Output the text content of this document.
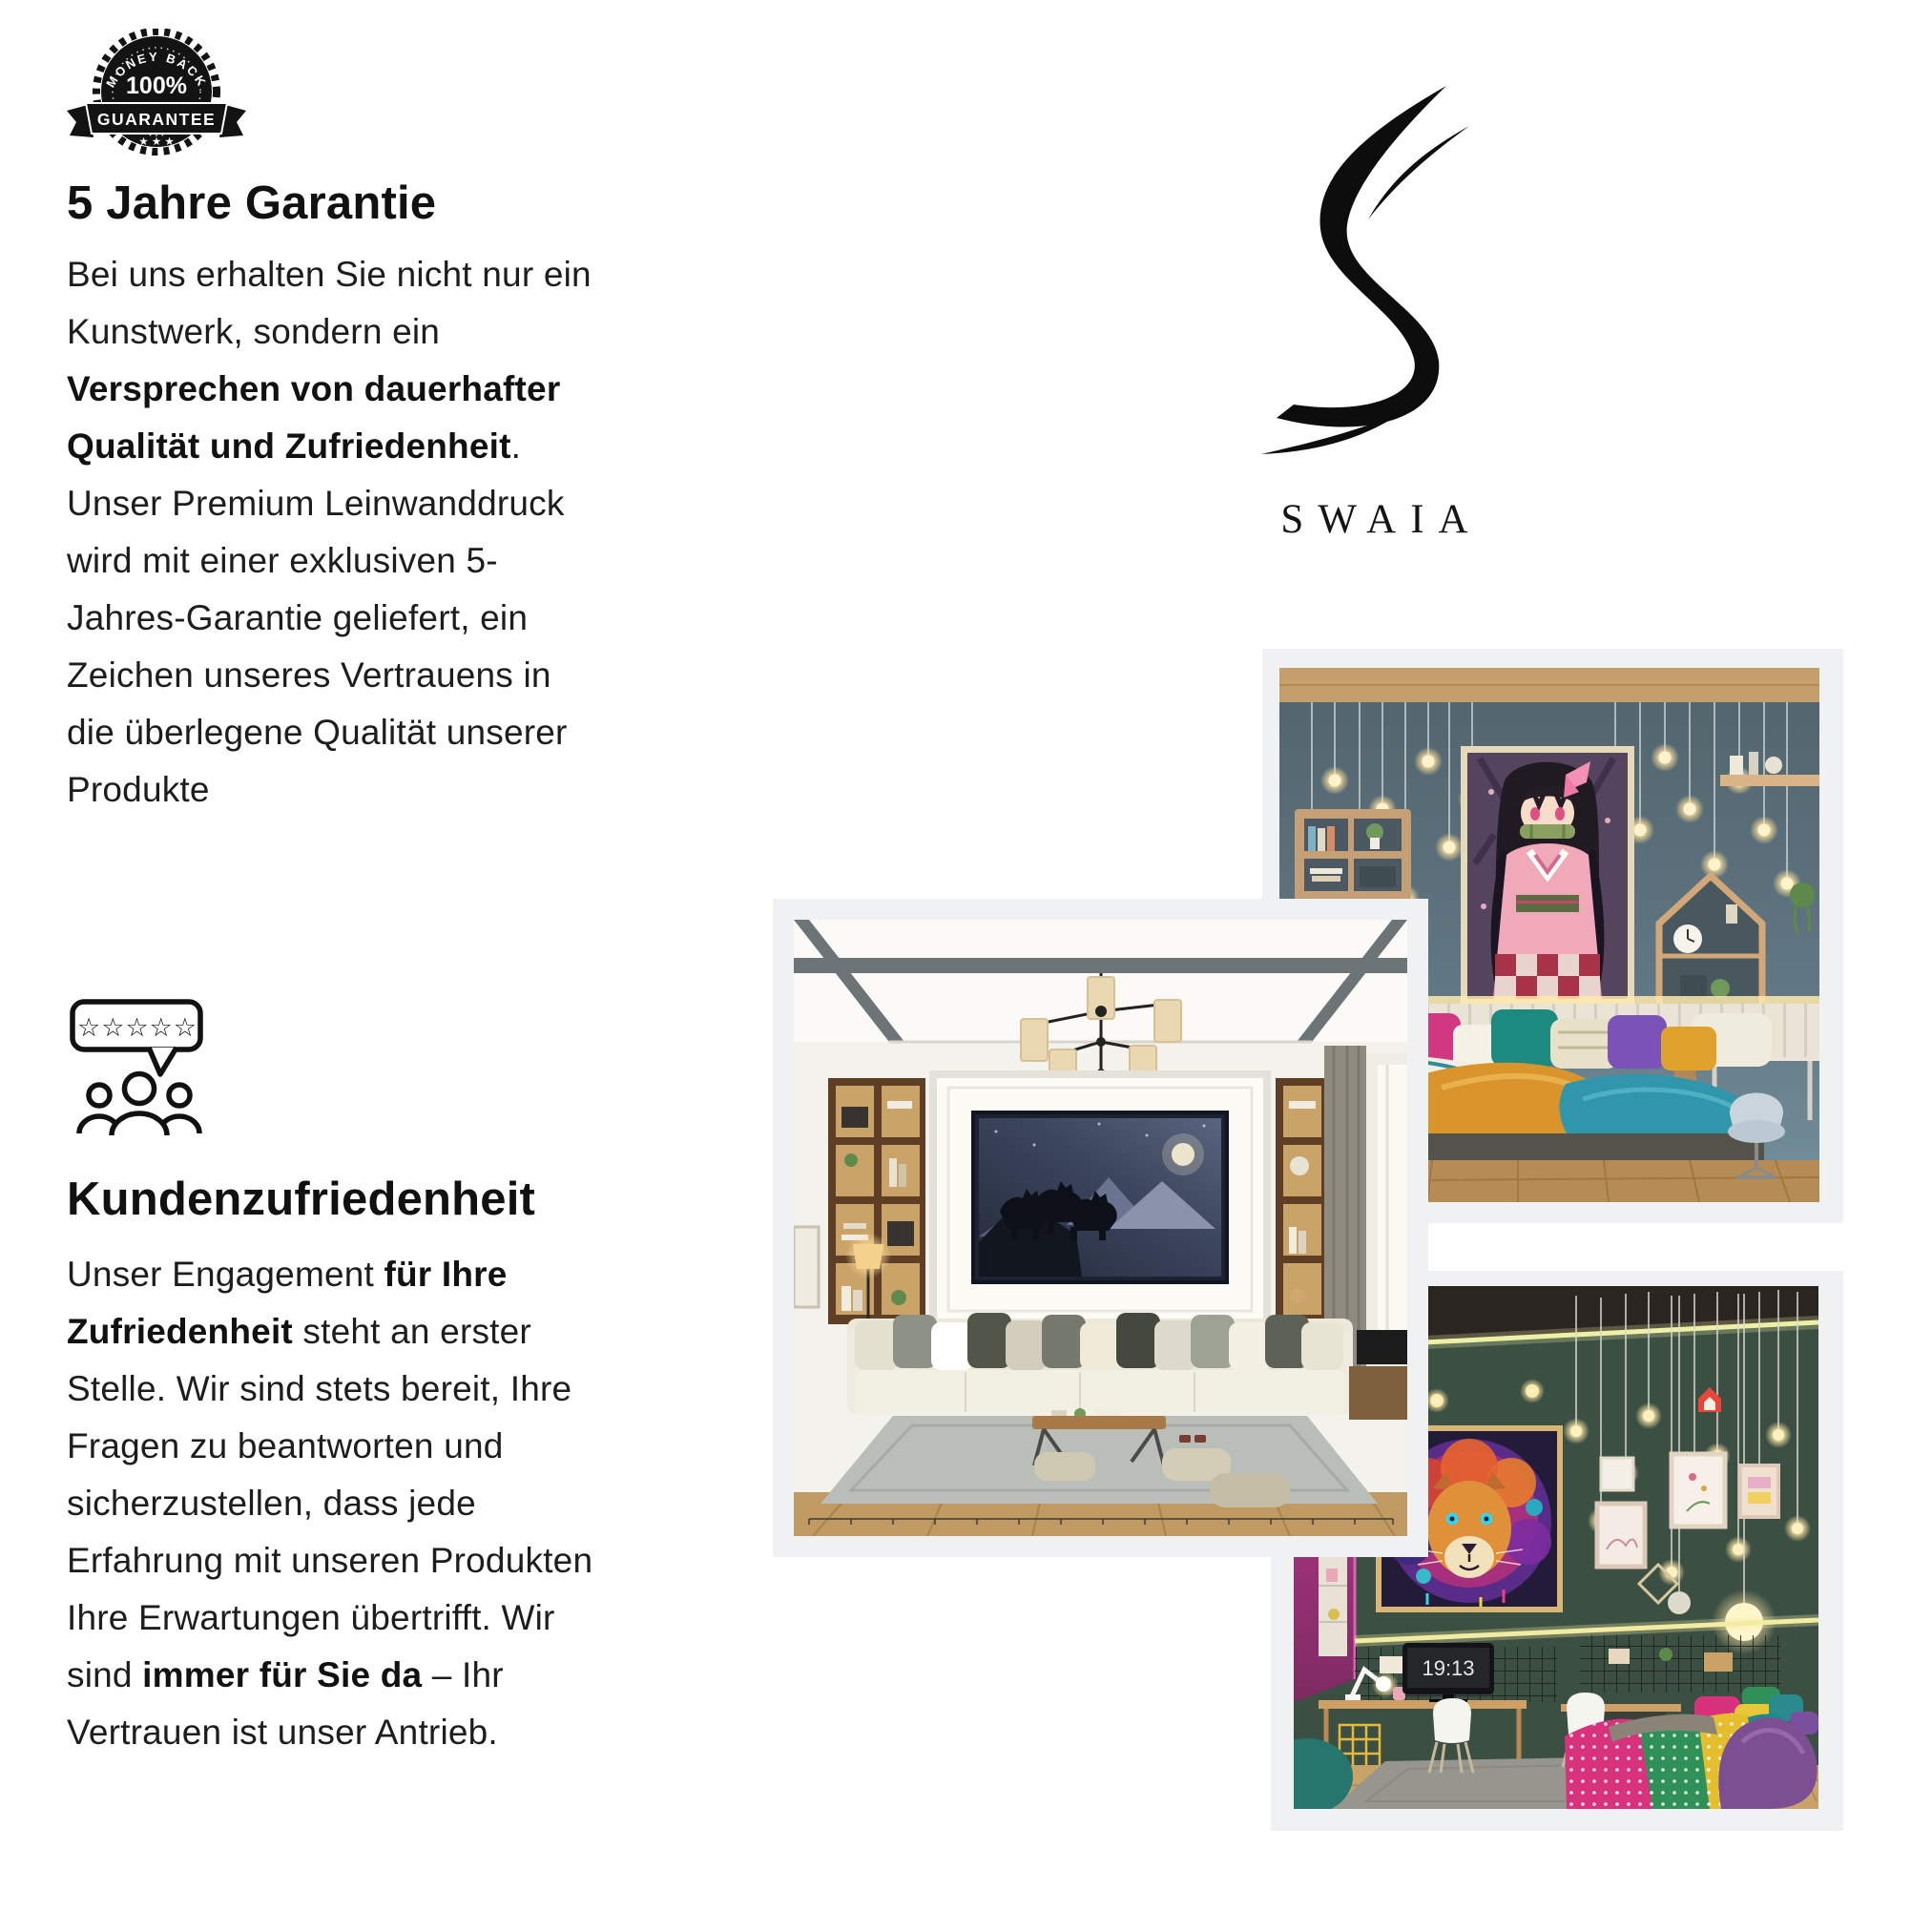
MONEY BACK
100%
GUARANTEE
★ ★ ★
5 Jahre Garantie

Bei uns erhalten Sie nicht nur ein Kunstwerk, sondern ein Versprechen von dauerhafter Qualität und Zufriedenheit. Unser Premium Leinwanddruck wird mit einer exklusiven 5-Jahres-Garantie geliefert, ein Zeichen unseres Vertrauens in die überlegene Qualität unserer Produkte

☆☆☆☆☆
Kundenzufriedenheit

Unser Engagement für Ihre Zufriedenheit steht an erster Stelle. Wir sind stets bereit, Ihre Fragen zu beantworten und sicherzustellen, dass jede Erfahrung mit unseren Produkten Ihre Erwartungen übertrifft. Wir sind immer für Sie da – Ihr Vertrauen ist unser Antrieb.

SWAIA
19:13
